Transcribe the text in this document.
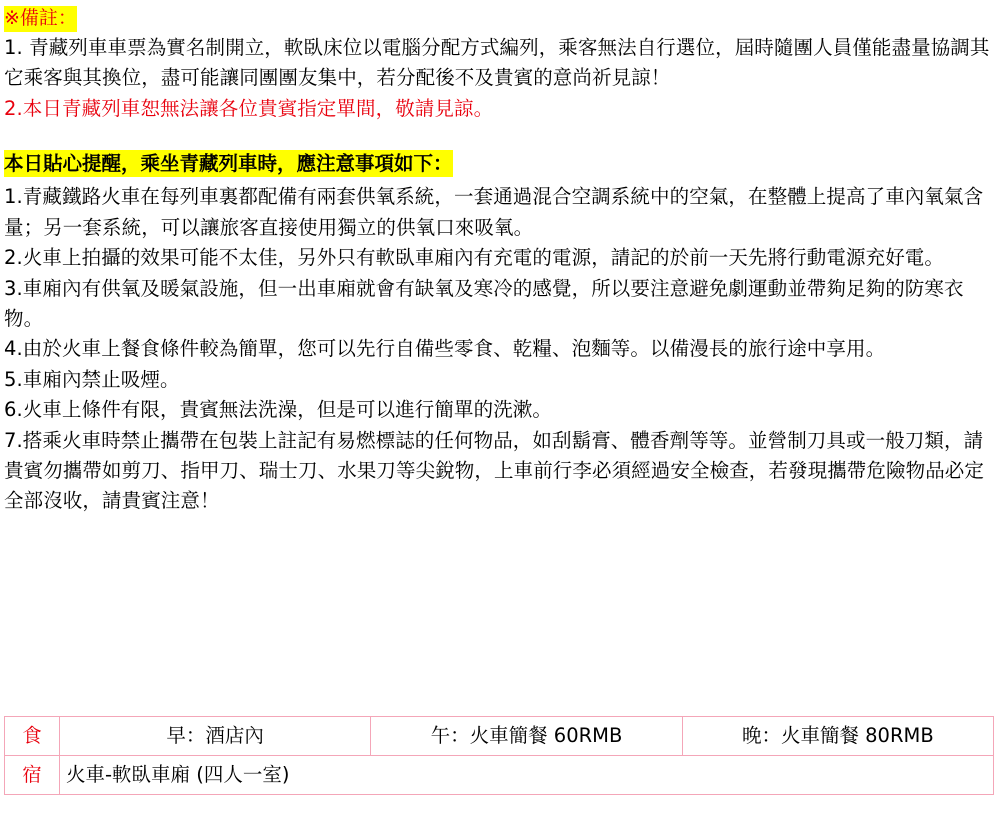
※備註：

1. 青藏列車車票為實名制開立，軟臥床位以電腦分配方式編列，乘客無法自行選位，屆時隨團人員僅能盡量協調其它乘客與其換位，盡可能讓同團團友集中，若分配後不及貴賓的意尚祈見諒！

2.本日青藏列車恕無法讓各位貴賓指定單間，敬請見諒。

本日貼心提醒，乘坐青藏列車時，應注意事項如下：

1.青藏鐵路火車在每列車裏都配備有兩套供氧系統，一套通過混合空調系統中的空氣，在整體上提高了車內氧氣含量；另一套系統，可以讓旅客直接使用獨立的供氧口來吸氧。

2.火車上拍攝的效果可能不太佳，另外只有軟臥車廂內有充電的電源，請記的於前一天先將行動電源充好電。

3.車廂內有供氧及暖氣設施，但一出車廂就會有缺氧及寒冷的感覺，所以要注意避免劇運動並帶夠足夠的防寒衣物。

4.由於火車上餐食條件較為簡單，您可以先行自備些零食、乾糧、泡麵等。以備漫長的旅行途中享用。

5.車廂內禁止吸煙。

6.火車上條件有限，貴賓無法洗澡，但是可以進行簡單的洗漱。

7.搭乘火車時禁止攜帶在包裝上註記有易燃標誌的任何物品，如刮鬍膏、體香劑等等。並營制刀具或一般刀類，請貴賓勿攜帶如剪刀、指甲刀、瑞士刀、水果刀等尖銳物，上車前行李必須經過安全檢查，若發現攜帶危險物品必定全部沒收，請貴賓注意！

食	早：酒店內	午：火車簡餐 60RMB	晚：火車簡餐 80RMB
宿	火車-軟臥車廂 (四人一室)		
